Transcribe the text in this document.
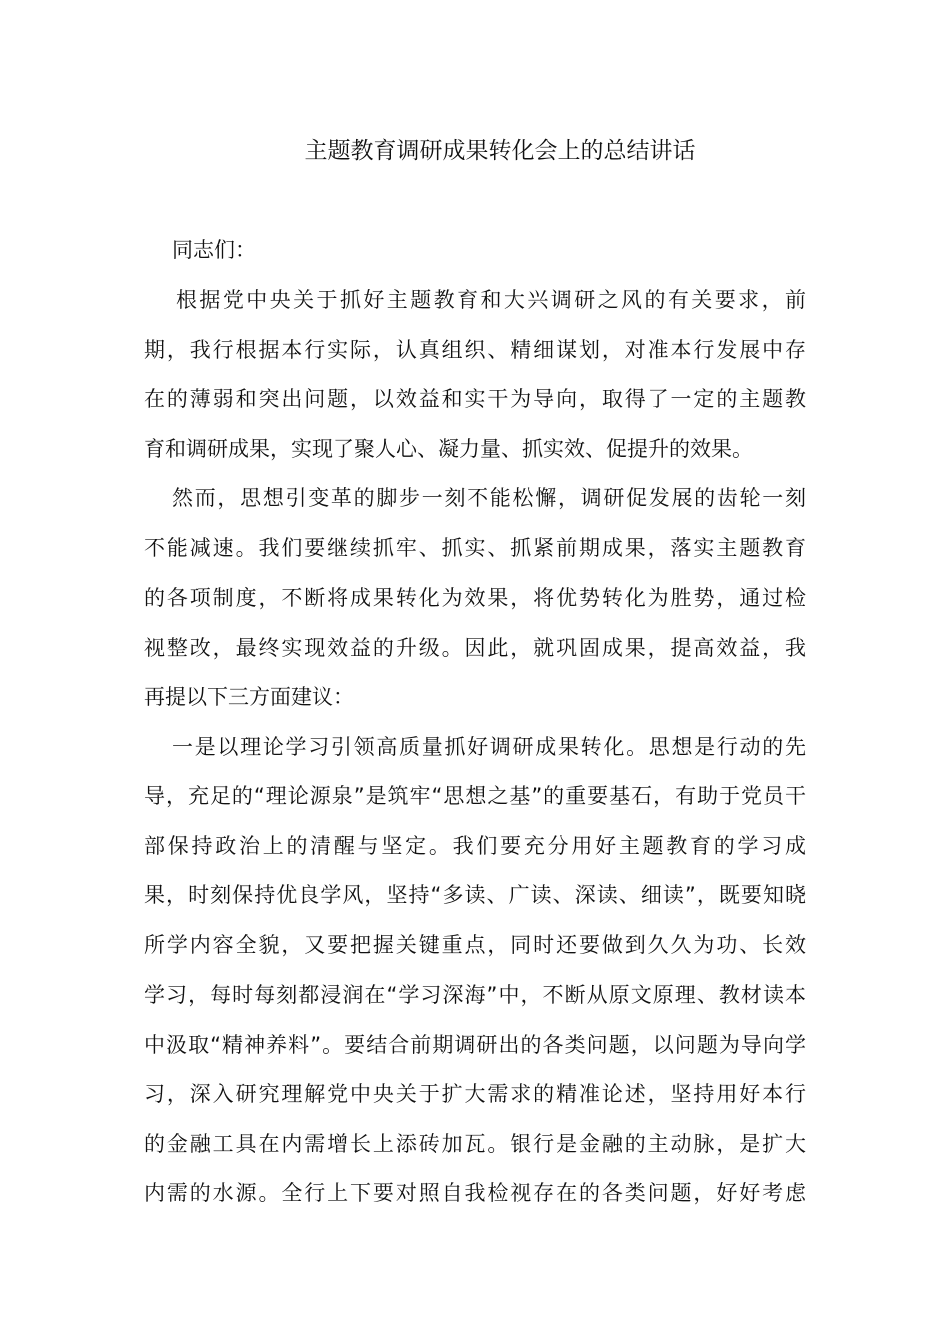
主题教育调研成果转化会上的总结讲话

同志们：

根据党中央关于抓好主题教育和大兴调研之风的有关要求，前

期，我行根据本行实际，认真组织、精细谋划，对准本行发展中存

在的薄弱和突出问题，以效益和实干为导向，取得了一定的主题教

育和调研成果，实现了聚人心、凝力量、抓实效、促提升的效果。

然而，思想引变革的脚步一刻不能松懈，调研促发展的齿轮一刻

不能减速。我们要继续抓牢、抓实、抓紧前期成果，落实主题教育

的各项制度，不断将成果转化为效果，将优势转化为胜势，通过检

视整改，最终实现效益的升级。因此，就巩固成果，提高效益，我

再提以下三方面建议：

一是以理论学习引领高质量抓好调研成果转化。思想是行动的先

导，充足的“理论源泉”是筑牢“思想之基”的重要基石，有助于党员干

部保持政治上的清醒与坚定。我们要充分用好主题教育的学习成

果，时刻保持优良学风，坚持“多读、广读、深读、细读”，既要知晓

所学内容全貌，又要把握关键重点，同时还要做到久久为功、长效

学习，每时每刻都浸润在“学习深海”中，不断从原文原理、教材读本

中汲取“精神养料”。要结合前期调研出的各类问题，以问题为导向学

习，深入研究理解党中央关于扩大需求的精准论述，坚持用好本行

的金融工具在内需增长上添砖加瓦。银行是金融的主动脉，是扩大

内需的水源。全行上下要对照自我检视存在的各类问题，好好考虑
